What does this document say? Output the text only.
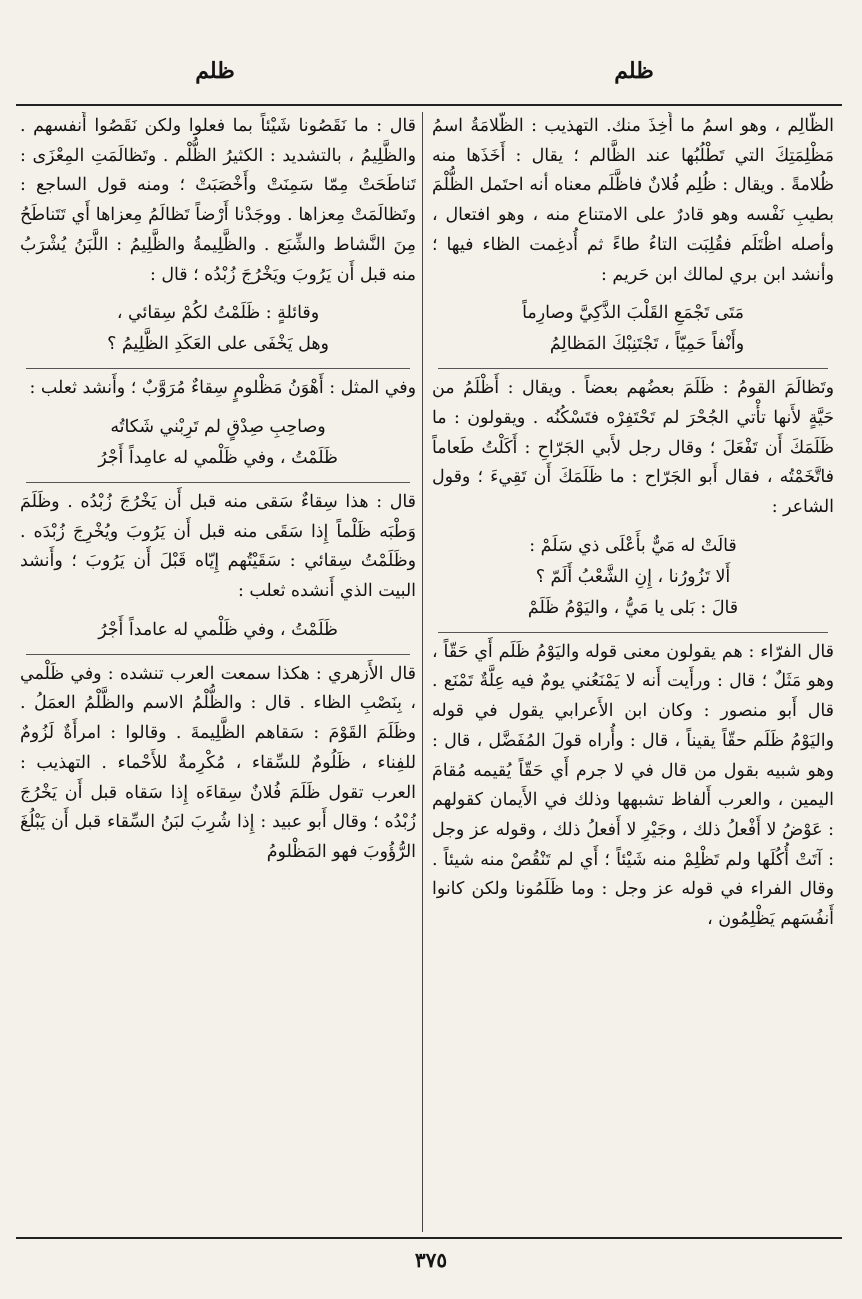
ظلم
ظلم

الظَّالِم ، وهو اسمُ ما أُخِذَ منك. التهذيب : الظُّلامَةُ اسمُ مَظْلِمَتِكَ التي تَطْلُبُها عند الظَّالم ؛ يقال : أَخَذَها منه ظُلامةً . ويقال : ظُلِم فُلانٌ فاظَّلَم معناه أنه احتَمل الظُّلْمَ بطيبِ نَفْسه وهو قادرٌ على الامتناع منه ، وهو افتعال ، وأصله اظْتَلَم فقُلِبَت التاءُ طاءً ثم أُدغِمت الظاء فيها ؛ وأنشد ابن بري لمالك ابن حَريم :

مَتَى تَجْمَعِ القَلْبَ الذَّكِيَّ وصارِماً

وأَنْفاً حَمِيّاً ، تَجْتَنِبْكَ المَظالِمُ

وتَظالَمَ القومُ : ظَلَمَ بعضُهم بعضاً . ويقال : أَظْلَمُ من حَيَّةٍ لأَنها تأْتي الجُحْرَ لم تَحْتَفِرْه فتَسْكُنُه . ويقولون : ما ظَلَمَكَ أَن تَفْعَلَ ؛ وقال رجل لأَبي الجَرّاحِ : أَكَلْتُ طَعاماً فاتَّخَمْتُه ، فقال أَبو الجَرّاح : ما ظَلَمَكَ أَن تَقِيءَ ؛ وقول الشاعر :

قالَتْ له مَيٌّ بأَعْلَى ذي سَلَمْ :

أَلا تَزُورُنا ، إِنِ الشَّعْبُ أَلَمّ ؟

قالَ : بَلى يا مَيُّ ، واليَوْمُ ظَلَمْ

قال الفرّاء : هم يقولون معنى قوله واليَوْمُ ظَلَم أَي حَقّاً ، وهو مَثَلٌ ؛ قال : ورأَيت أَنه لا يَمْنَعُني يومٌ فيه عِلَّةٌ تَمْنَع . قال أَبو منصور : وكان ابن الأَعرابي يقول في قوله واليَوْمُ ظَلَم حقّاً يقيناً ، قال : وأُراه قولَ المُفَضَّل ، قال : وهو شبيه بقول من قال في لا جرم أَي حَقّاً يُقيمه مُقامَ اليمين ، والعرب أَلفاظ تشبهها وذلك في الأَيمان كقولهم : عَوْضُ لا أَفْعلُ ذلك ، وجَيْرِ لا أَفعلُ ذلك ، وقوله عز وجل : آتَتْ أُكُلَها ولم تَظْلِمْ منه شَيْئاً ؛ أَي لم تَنْقُصْ منه شيئاً . وقال الفراء في قوله عز وجل : وما ظَلَمُونا ولكن كانوا أَنفُسَهم يَظْلِمُون ،

قال : ما نَقَصُونا شَيْئاً بما فعلوا ولكن نَقَصُوا أَنفسهم . والظَّلِيمُ ، بالتشديد : الكثيرُ الظُّلْم . وتَظالَمَتِ المِعْزَى : تَناطَحَتْ مِمّا سَمِنَتْ وأَخْصَبَتْ ؛ ومنه قول الساجع : وتَظالَمَتْ مِعزاها . ووجَدْنا أَرْضاً تَظالَمُ مِعزاها أَي تَتَناطَحُ مِنَ النَّشاط والشِّبَع . والظَّلِيمةُ والظَّلِيمُ : اللَّبَنُ يُشْرَبُ منه قبل أَن يَرُوبَ ويَخْرُجَ زُبْدُه ؛ قال :

وقائلةٍ : ظَلَمْتُ لكُمْ سِقائي ،

وهل يَخْفَى على العَكَدِ الظَّلِيمُ ؟

وفي المثل : أَهْوَنُ مَظْلومٍ سِقاءٌ مُرَوَّبٌ ؛ وأَنشد ثعلب :

وصاحِبِ صِدْقٍ لم تَرِبْني شَكاتُه

ظَلَمْتُ ، وفي ظَلْمي له عامِداً أَجْرُ

قال : هذا سِقاءٌ سَقى منه قبل أَن يَخْرُجَ زُبْدُه . وظَلَمَ وَطْبَه ظَلْماً إِذا سَقَى منه قبل أَن يَرُوبَ ويُخْرِجَ زُبْدَه . وظَلَمْتُ سِقائي : سَقَيْتُهم إِيّاه قَبْلَ أَن يَرُوبَ ؛ وأَنشد البيت الذي أَنشده ثعلب :

ظَلَمْتُ ، وفي ظَلْمي له عامداً أَجْرُ

قال الأَزهري : هكذا سمعت العرب تنشده : وفي ظَلْمي ، بِنَصْبِ الظاء . قال : والظُّلْمُ الاسم والظَّلْمُ العمَلُ . وظَلَمَ القَوْمَ : سَقاهم الظَّلِيمةَ . وقالوا : امرأَةٌ لَزُومٌ للفِناء ، ظَلُومٌ للسِّقاء ، مُكْرِمةٌ للأَحْماء . التهذيب : العرب تقول ظَلَمَ فُلانٌ سِقاءَه إِذا سَقاه قبل أَن يَخْرُجَ زُبْدُه ؛ وقال أَبو عبيد : إِذا شُرِبَ لبَنُ السِّقاء قبل أَن يَبْلُغَ الرُّؤُوبَ فهو المَظْلومُ

٣٧٥
